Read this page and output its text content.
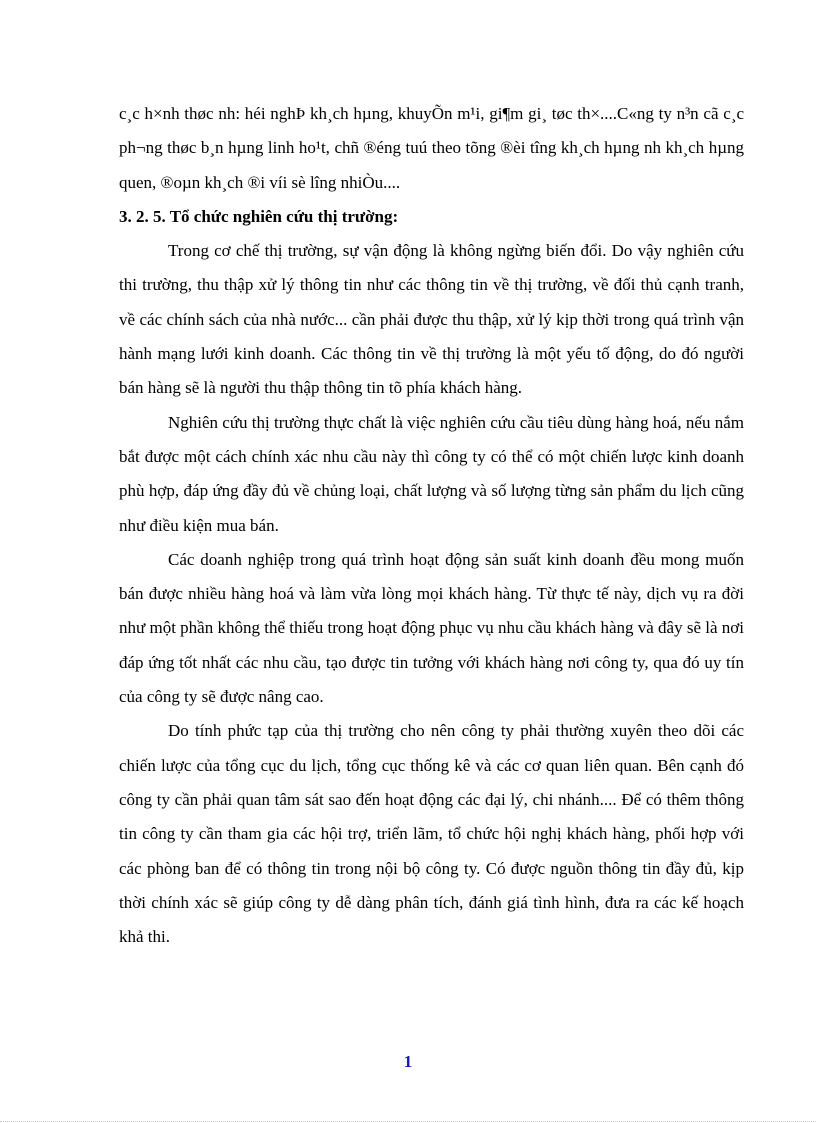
c¸c h×nh thøc nh: héi nghÞ kh¸ch hµng, khuyÕn m¹i, gi¶m gi¸ tøc th×....C«ng ty n³n cã c¸c ph¬ng thøc b¸n hµng linh ho¹t, chñ ®éng tuú theo tõng ®èi tîng kh¸ch hµng nh kh¸ch hµng quen, ®oµn kh¸ch ®i víi sè lîng nhiÒu....

3. 2. 5. Tổ chức nghiên cứu thị trường:

Trong cơ chế thị trường, sự vận động là không ngừng biến đổi. Do vậy nghiên cứu thi trường, thu thập xử lý thông tin như các thông tin về thị trường, về đối thủ cạnh tranh, về các chính sách của nhà nước... cần phải được thu thập, xử lý kịp thời trong quá trình vận hành mạng lưới kinh doanh. Các thông tin về thị trường là một yếu tố động, do đó người bán hàng sẽ là người thu thập thông tin tõ phía khách hàng.

Nghiên cứu thị trường thực chất là việc nghiên cứu cầu tiêu dùng hàng hoá, nếu nắm bắt được một cách chính xác nhu cầu này thì công ty có thể có một chiến lược kinh doanh phù hợp, đáp ứng đầy đủ về chủng loại, chất lượng và số lượng từng sản phẩm du lịch cũng như điều kiện mua bán.

Các doanh nghiệp trong quá trình hoạt động sản suất kinh doanh đều mong muốn bán được nhiều hàng hoá và làm vừa lòng mọi khách hàng. Từ thực tế này, dịch vụ ra đời như một phần không thể thiếu trong hoạt động phục vụ nhu cầu khách hàng và đây sẽ là nơi đáp ứng tốt nhất các nhu cầu, tạo được tin tưởng với khách hàng nơi công ty, qua đó uy tín của công ty sẽ được nâng cao.

Do tính phức tạp của thị trường cho nên công ty phải thường xuyên theo dõi các chiến lược của tổng cục du lịch, tổng cục thống kê và các cơ quan liên quan. Bên cạnh đó công ty cần phải quan tâm sát sao đến hoạt động các đại lý, chi nhánh.... Để có thêm thông tin công ty cần tham gia các hội trợ, triển lãm, tổ chức hội nghị khách hàng, phối hợp với các phòng ban để có thông tin trong nội bộ công ty. Có được nguồn thông tin đầy đủ, kịp thời chính xác sẽ giúp công ty dễ dàng phân tích, đánh giá tình hình, đưa ra các kế hoạch khả thi.

1
